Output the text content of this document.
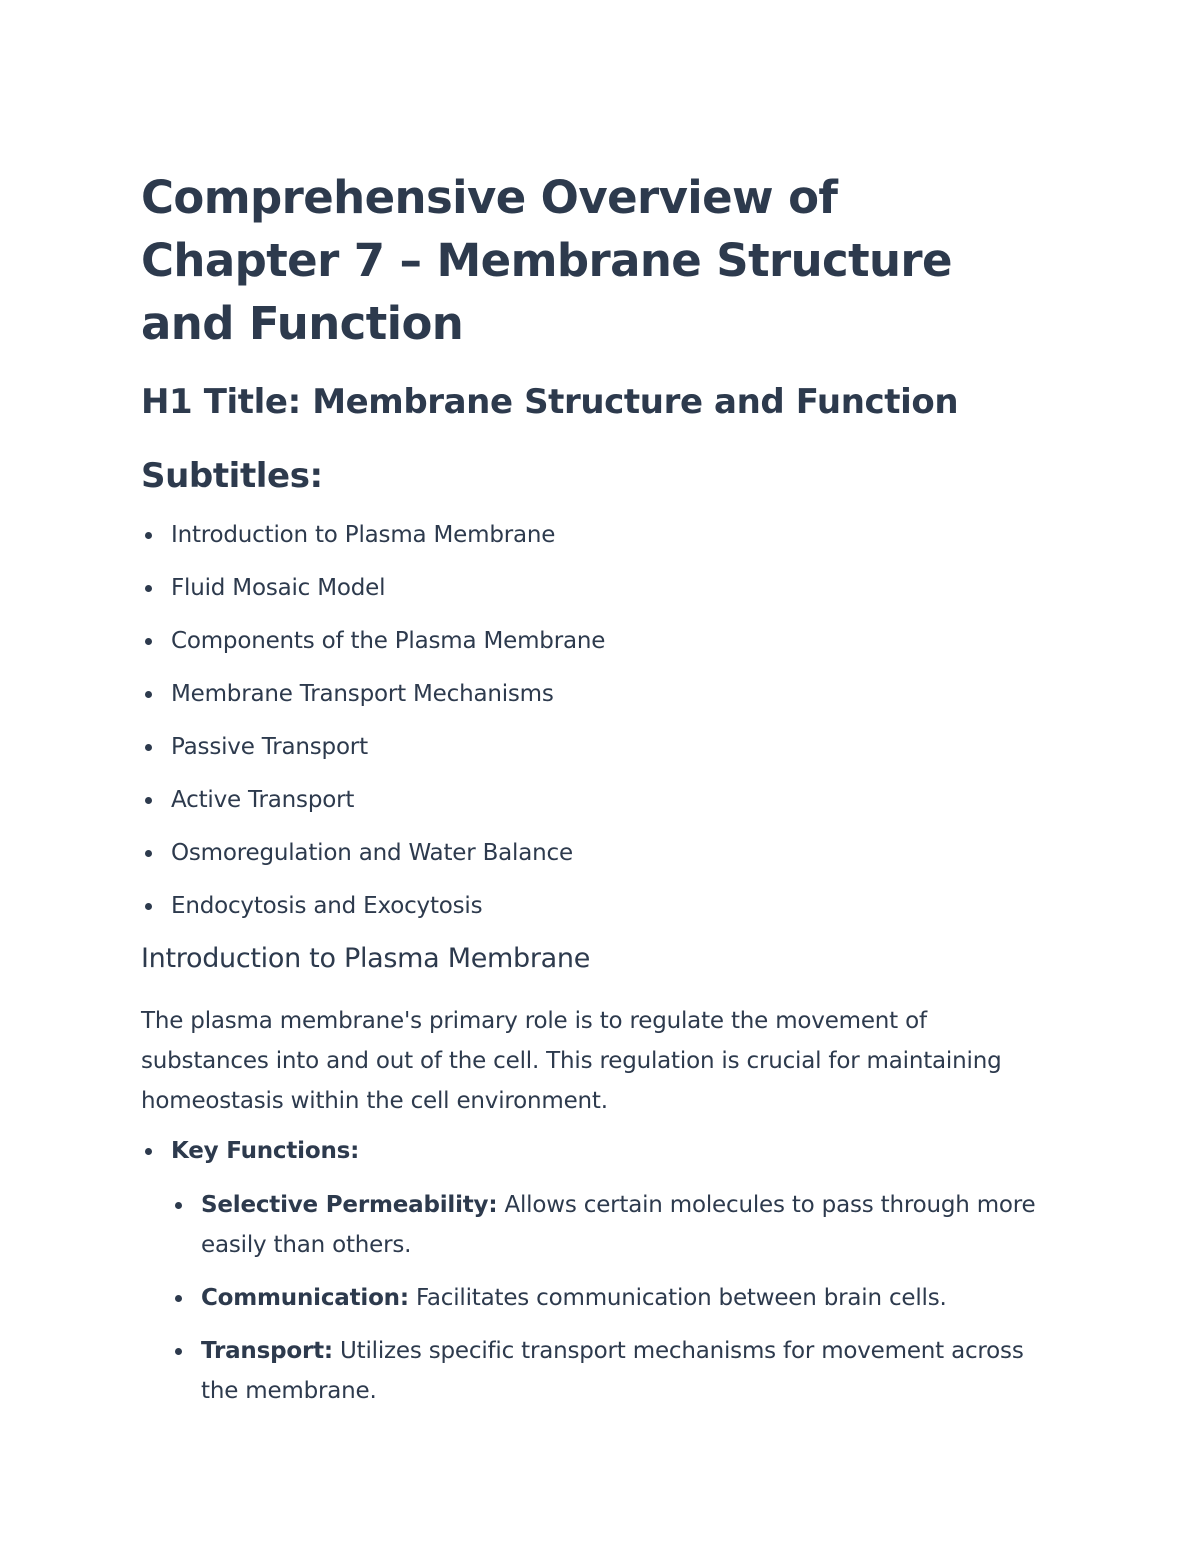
Comprehensive Overview of Chapter 7 – Membrane Structure and Function
H1 Title: Membrane Structure and Function
Subtitles:
Introduction to Plasma Membrane
Fluid Mosaic Model
Components of the Plasma Membrane
Membrane Transport Mechanisms
Passive Transport
Active Transport
Osmoregulation and Water Balance
Endocytosis and Exocytosis
Introduction to Plasma Membrane

The plasma membrane's primary role is to regulate the movement of substances into and out of the cell. This regulation is crucial for maintaining homeostasis within the cell environment.

Key Functions:
Selective Permeability: Allows certain molecules to pass through more easily than others.
Communication: Facilitates communication between brain cells.
Transport: Utilizes specific transport mechanisms for movement across the membrane.
